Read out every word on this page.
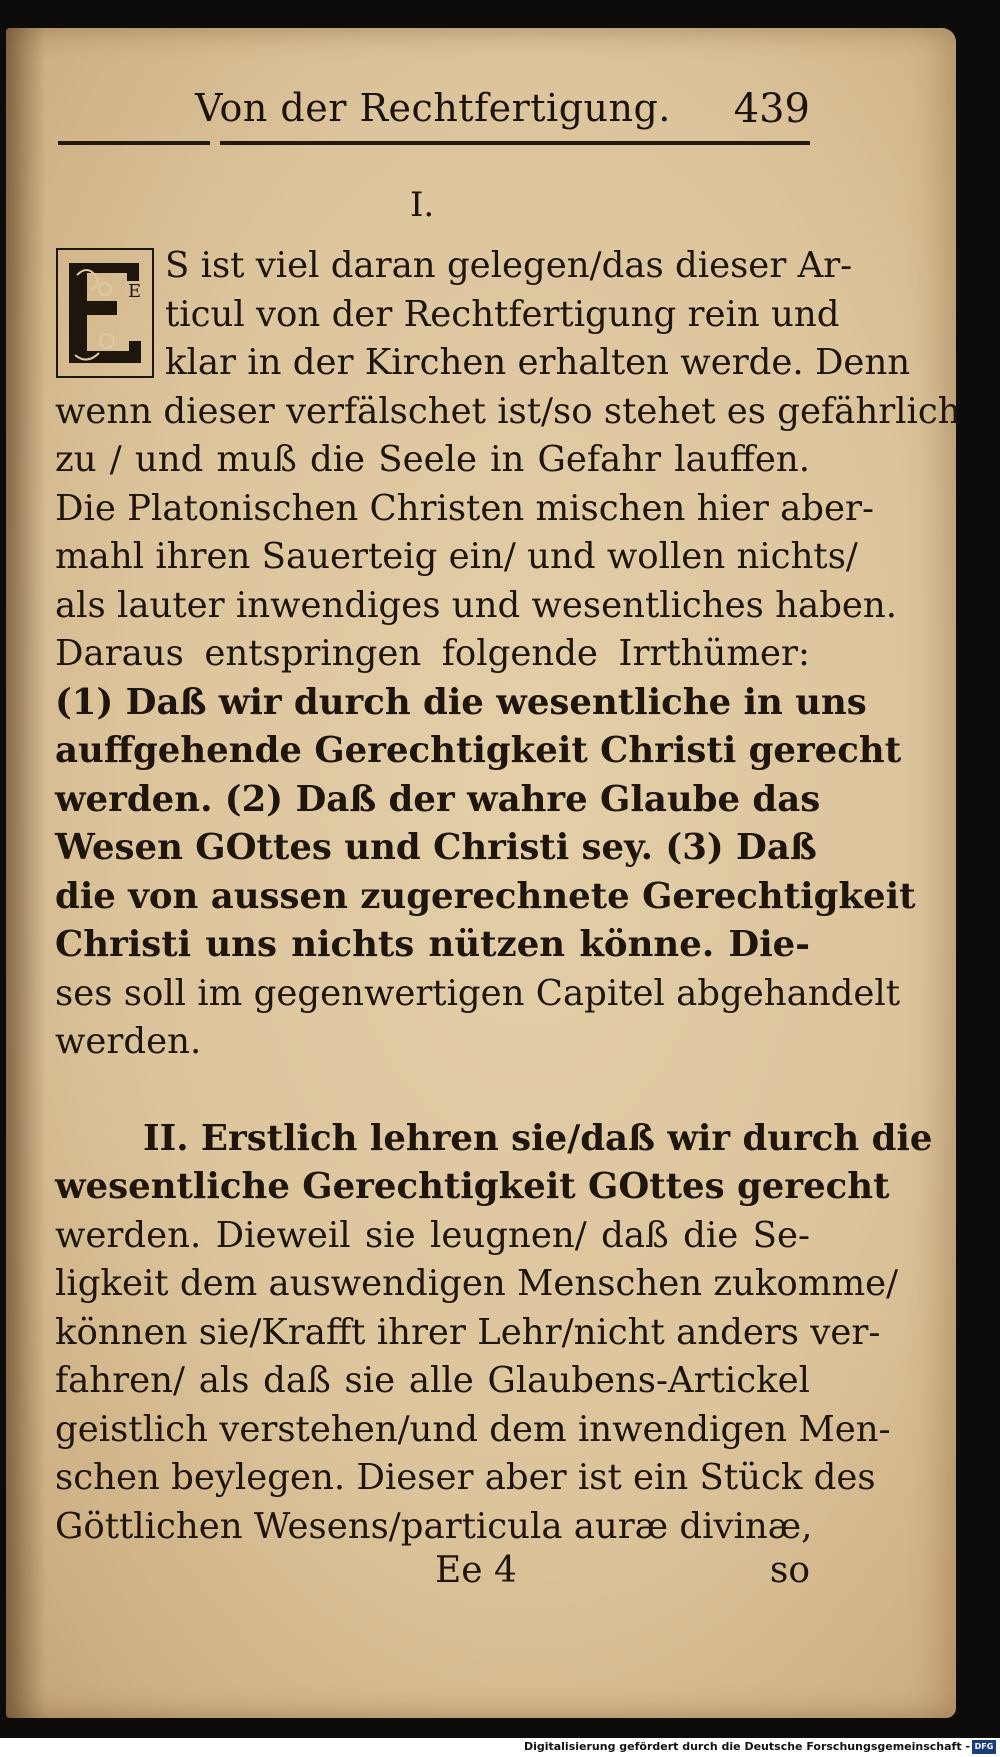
Von der Rechtfertigung. 439
I.
E
S ist viel daran gelegen/das dieser Ar-
ticul von der Rechtfertigung rein und
klar in der Kirchen erhalten werde. Denn
wenn dieser verfälschet ist/so stehet es gefährlich
zu / und muß die Seele in Gefahr lauffen.
Die Platonischen Christen mischen hier aber-
mahl ihren Sauerteig ein/ und wollen nichts/
als lauter inwendiges und wesentliches haben.
Daraus entspringen folgende Irrthümer:
(1) Daß wir durch die wesentliche in uns
auffgehende Gerechtigkeit Christi gerecht
werden. (2) Daß der wahre Glaube das
Wesen GOttes und Christi sey. (3) Daß
die von aussen zugerechnete Gerechtigkeit
Christi uns nichts nützen könne. Die-
ses soll im gegenwertigen Capitel abgehandelt
werden.
II. Erstlich lehren sie/daß wir durch die
wesentliche Gerechtigkeit GOttes gerecht
werden. Dieweil sie leugnen/ daß die Se-
ligkeit dem auswendigen Menschen zukomme/
können sie/Krafft ihrer Lehr/nicht anders ver-
fahren/ als daß sie alle Glaubens-Artickel
geistlich verstehen/und dem inwendigen Men-
schen beylegen. Dieser aber ist ein Stück des
Göttlichen Wesens/particula auræ divinæ,
Ee 4	so
Digitalisierung gefördert durch die Deutsche Forschungsgemeinschaft - DFG
